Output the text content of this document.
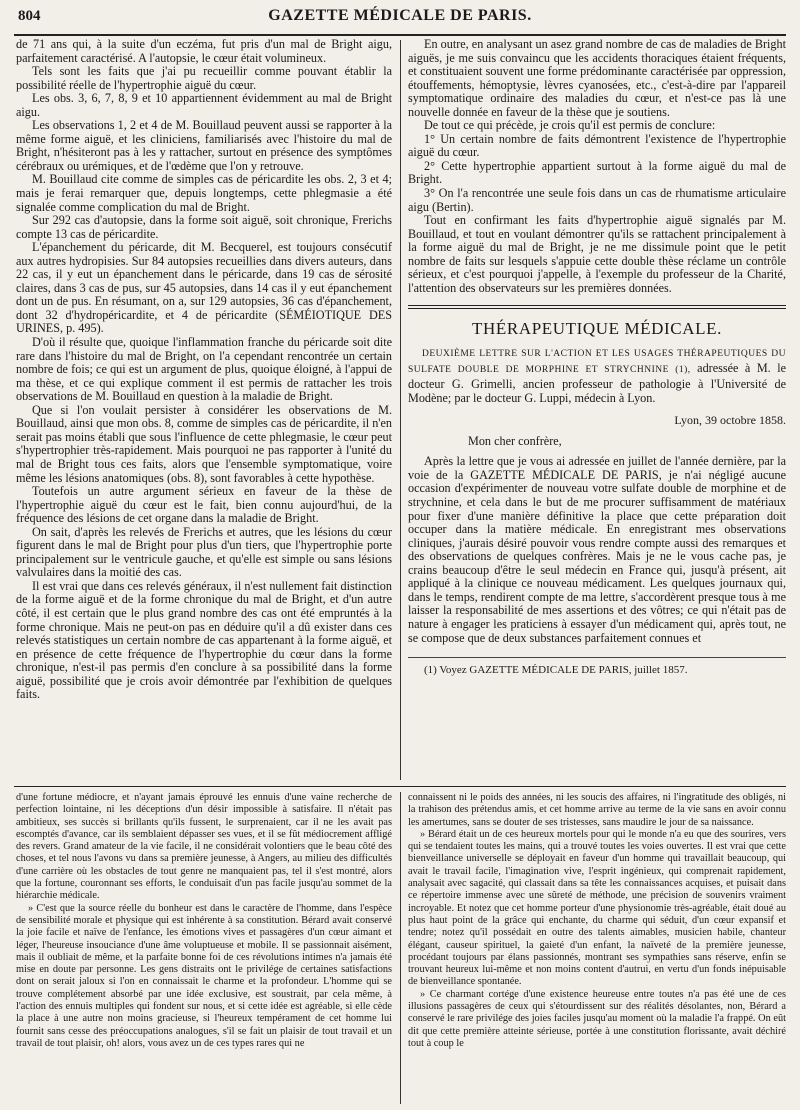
804	GAZETTE MÉDICALE DE PARIS.

de 71 ans qui, à la suite d'un eczéma, fut pris d'un mal de Bright aigu, parfaitement caractérisé. A l'autopsie, le cœur était volumineux.

Tels sont les faits que j'ai pu recueillir comme pouvant établir la possibilité réelle de l'hypertrophie aiguë du cœur.

Les obs. 3, 6, 7, 8, 9 et 10 appartiennent évidemment au mal de Bright aigu.

Les observations 1, 2 et 4 de M. Bouillaud peuvent aussi se rapporter à la même forme aiguë, et les cliniciens, familiarisés avec l'histoire du mal de Bright, n'hésiteront pas à les y rattacher, surtout en présence des symptômes cérébraux ou urémiques, et de l'œdème que l'on y retrouve.

M. Bouillaud cite comme de simples cas de péricardite les obs. 2, 3 et 4; mais je ferai remarquer que, depuis longtemps, cette phlegmasie a été signalée comme complication du mal de Bright.

Sur 292 cas d'autopsie, dans la forme soit aiguë, soit chronique, Frerichs compte 13 cas de péricardite.

L'épanchement du péricarde, dit M. Becquerel, est toujours consécutif aux autres hydropisies. Sur 84 autopsies recueillies dans divers auteurs, dans 22 cas, il y eut un épanchement dans le péricarde, dans 19 cas de sérosité claires, dans 3 cas de pus, sur 45 autopsies, dans 14 cas il y eut épanchement dont un de pus. En résumant, on a, sur 129 autopsies, 36 cas d'épanchement, dont 32 d'hydropéricardite, et 4 de péricardite (SÉMÉIOTIQUE DES URINES, p. 495).

D'où il résulte que, quoique l'inflammation franche du péricarde soit dite rare dans l'histoire du mal de Bright, on l'a cependant rencontrée un certain nombre de fois; ce qui est un argument de plus, quoique éloigné, à l'appui de ma thèse, et ce qui explique comment il est permis de rattacher les trois observations de M. Bouillaud en question à la maladie de Bright.

Que si l'on voulait persister à considérer les observations de M. Bouillaud, ainsi que mon obs. 8, comme de simples cas de péricardite, il n'en serait pas moins établi que sous l'influence de cette phlegmasie, le cœur peut s'hypertrophier très-rapidement. Mais pourquoi ne pas rapporter à l'unité du mal de Bright tous ces faits, alors que l'ensemble symptomatique, voire même les lésions anatomiques (obs. 8), sont favorables à cette hypothèse.

Toutefois un autre argument sérieux en faveur de la thèse de l'hypertrophie aiguë du cœur est le fait, bien connu aujourd'hui, de la fréquence des lésions de cet organe dans la maladie de Bright.

On sait, d'après les relevés de Frerichs et autres, que les lésions du cœur figurent dans le mal de Bright pour plus d'un tiers, que l'hypertrophie porte principalement sur le ventricule gauche, et qu'elle est simple ou sans lésions valvulaires dans la moitié des cas.

Il est vrai que dans ces relevés généraux, il n'est nullement fait distinction de la forme aiguë et de la forme chronique du mal de Bright, et d'un autre côté, il est certain que le plus grand nombre des cas ont été empruntés à la forme chronique. Mais ne peut-on pas en déduire qu'il a dû exister dans ces relevés statistiques un certain nombre de cas appartenant à la forme aiguë, et en présence de cette fréquence de l'hypertrophie du cœur dans la forme chronique, n'est-il pas permis d'en conclure à sa possibilité dans la forme aiguë, possibilité que je crois avoir démontrée par l'exhibition de quelques faits.

En outre, en analysant un asez grand nombre de cas de maladies de Bright aiguës, je me suis convaincu que les accidents thoraciques étaient fréquents, et constituaient souvent une forme prédominante caractérisée par oppression, étouffements, hémoptysie, lèvres cyanosées, etc., c'est-à-dire par l'appareil symptomatique ordinaire des maladies du cœur, et n'est-ce pas là une nouvelle donnée en faveur de la thèse que je soutiens.

De tout ce qui précède, je crois qu'il est permis de conclure:

1° Un certain nombre de faits démontrent l'existence de l'hypertrophie aiguë du cœur.

2° Cette hypertrophie appartient surtout à la forme aiguë du mal de Bright.

3° On l'a rencontrée une seule fois dans un cas de rhumatisme articulaire aigu (Bertin).

Tout en confirmant les faits d'hypertrophie aiguë signalés par M. Bouillaud, et tout en voulant démontrer qu'ils se rattachent principalement à la forme aiguë du mal de Bright, je ne me dissimule point que le petit nombre de faits sur lesquels s'appuie cette double thèse réclame un contrôle sérieux, et c'est pourquoi j'appelle, à l'exemple du professeur de la Charité, l'attention des observateurs sur les premières données.

THÉRAPEUTIQUE MÉDICALE.

DEUXIÈME LETTRE SUR L'ACTION ET LES USAGES THÉRAPEUTIQUES DU SULFATE DOUBLE DE MORPHINE ET STRYCHNINE (1), adressée à M. le docteur G. Grimelli, ancien professeur de pathologie à l'Université de Modène; par le docteur G. Luppi, médecin à Lyon.

Lyon, 39 octobre 1858.
Mon cher confrère,

Après la lettre que je vous ai adressée en juillet de l'année dernière, par la voie de la GAZETTE MÉDICALE DE PARIS, je n'ai négligé aucune occasion d'expérimenter de nouveau votre sulfate double de morphine et de strychnine, et cela dans le but de me procurer suffisamment de matériaux pour fixer d'une manière définitive la place que cette préparation doit occuper dans la matière médicale. En enregistrant mes observations cliniques, j'aurais désiré pouvoir vous rendre compte aussi des remarques et des observations de quelques confrères. Mais je ne le vous cache pas, je crains beaucoup d'être le seul médecin en France qui, jusqu'à présent, ait appliqué à la clinique ce nouveau médicament. Les quelques journaux qui, dans le temps, rendirent compte de ma lettre, s'accordèrent presque tous à me laisser la responsabilité de mes assertions et des vôtres; ce qui n'était pas de nature à engager les praticiens à essayer d'un médicament qui, après tout, ne se compose que de deux substances parfaitement connues et

(1) Voyez GAZETTE MÉDICALE DE PARIS, juillet 1857.

d'une fortune médiocre, et n'ayant jamais éprouvé les ennuis d'une vaine recherche de perfection lointaine, ni les déceptions d'un désir impossible à satisfaire. Il n'était pas ambitieux, ses succès si brillants qu'ils fussent, le surprenaient, car il ne les avait pas escomptés d'avance, car ils semblaient dépasser ses vues, et il se fût médiocrement affligé des revers. Grand amateur de la vie facile, il ne considérait volontiers que le beau côté des choses, et tel nous l'avons vu dans sa première jeunesse, à Angers, au milieu des difficultés d'une carrière où les obstacles de tout genre ne manquaient pas, tel il s'est montré, alors que la fortune, couronnant ses efforts, le conduisait d'un pas facile jusqu'au sommet de la hiérarchie médicale.

» C'est que la source réelle du bonheur est dans le caractère de l'homme, dans l'espèce de sensibilité morale et physique qui est inhérente à sa constitution. Bérard avait conservé la joie facile et naïve de l'enfance, les émotions vives et passagères d'un cœur aimant et léger, l'heureuse insouciance d'une âme voluptueuse et mobile. Il se passionnait aisément, mais il oubliait de même, et la parfaite bonne foi de ces révolutions intimes n'a jamais été mise en doute par personne. Les gens distraits ont le privilége de certaines satisfactions dont on serait jaloux si l'on en connaissait le charme et la profondeur. L'homme qui se trouve complétement absorbé par une idée exclusive, est soustrait, par cela même, à l'action des ennuis multiples qui fondent sur nous, et si cette idée est agréable, si elle cède la place à une autre non moins gracieuse, si l'heureux tempérament de cet homme lui fournit sans cesse des préoccupations analogues, s'il se fait un plaisir de tout travail et un travail de tout plaisir, oh! alors, vous avez un de ces types rares qui ne

connaissent ni le poids des années, ni les soucis des affaires, ni l'ingratitude des obligés, ni la trahison des prétendus amis, et cet homme arrive au terme de la vie sans en avoir connu les amertumes, sans se douter de ses tristesses, sans maudire le jour de sa naissance.

» Bérard était un de ces heureux mortels pour qui le monde n'a eu que des sourires, vers qui se tendaient toutes les mains, qui a trouvé toutes les voies ouvertes. Il est vrai que cette bienveillance universelle se déployait en faveur d'un homme qui travaillait beaucoup, qui avait le travail facile, l'imagination vive, l'esprit ingénieux, qui comprenait rapidement, analysait avec sagacité, qui classait dans sa tête les connaissances acquises, et puisait dans ce répertoire immense avec une sûreté de méthode, une précision de souvenirs vraiment incroyable. Et notez que cet homme porteur d'une physionomie très-agréable, était doué au plus haut point de la grâce qui enchante, du charme qui séduit, d'un cœur expansif et tendre; notez qu'il possédait en outre des talents aimables, musicien habile, chanteur élégant, causeur spirituel, la gaieté d'un enfant, la naïveté de la première jeunesse, procédant toujours par élans passionnés, montrant ses sympathies sans réserve, enfin se trouvant heureux lui-même et non moins content d'autrui, en vertu d'un fonds inépuisable de bienveillance spontanée.

» Ce charmant cortége d'une existence heureuse entre toutes n'a pas été une de ces illusions passagères de ceux qui s'étourdissent sur des réalités désolantes, non, Bérard a conservé le rare privilége des joies faciles jusqu'au moment où la maladie l'a frappé. On eût dit que cette première atteinte sérieuse, portée à une constitution florissante, avait déchiré tout à coup le
